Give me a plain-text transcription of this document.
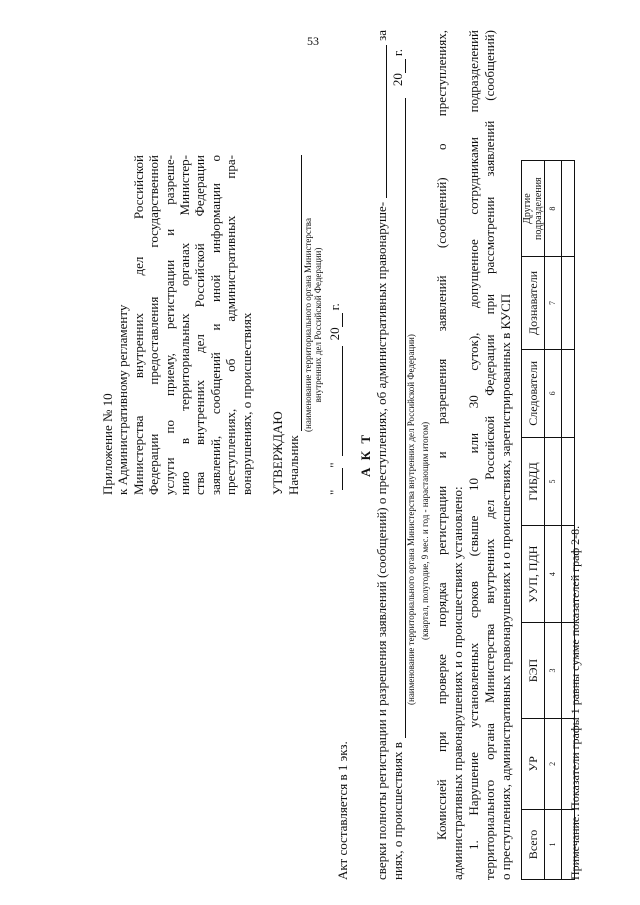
53
Приложение № 10 к Административному регламенту Министерства внутренних дел Российской Федерации предоставления государственной услуги по приему, регистрации и разреше- нию в территориальных органах Министер- ства внутренних дел Российской Федерации заявлений, сообщений и иной информации о преступлениях, об административных пра- вонарушениях, о происшествиях УТВЕРЖДАЮ Начальник
(наименование территориального органа Министерства внутренних дел Российской Федерации)
"
"
20
г.
Акт составляется в 1 экз.
А К Т сверки полноты регистрации и разрешения заявлений (сообщений) о преступлениях, об административных правонаруше-
за
ниях, о происшествиях в
20
г.
(наименование территориального органа Министерства внутренних дел Российской Федерации) (квартал, полугодие, 9 мес. и год - нарастающим итогом) Комиссией при проверке порядка регистрации и разрешения заявлений (сообщений) о преступлениях, административных правонарушениях и о происшествиях установлено: 1. Нарушение установленных сроков (свыше 10 или 30 суток), допущенное сотрудниками подразделений территориального органа Министерства внутренних дел Российской Федерации при рассмотрении заявлений (сообщений) о преступлениях, административных правонарушениях и о происшествиях, зарегистрированных в КУСП Всего	УР	БЭП	УУП, ПДН	ГИБДД	Следователи	Дознаватели	Другие подразделения
1	2	3	4	5	6	7	8

Примечание. Показатели графы 1 равны сумме показателей граф 2-8.
